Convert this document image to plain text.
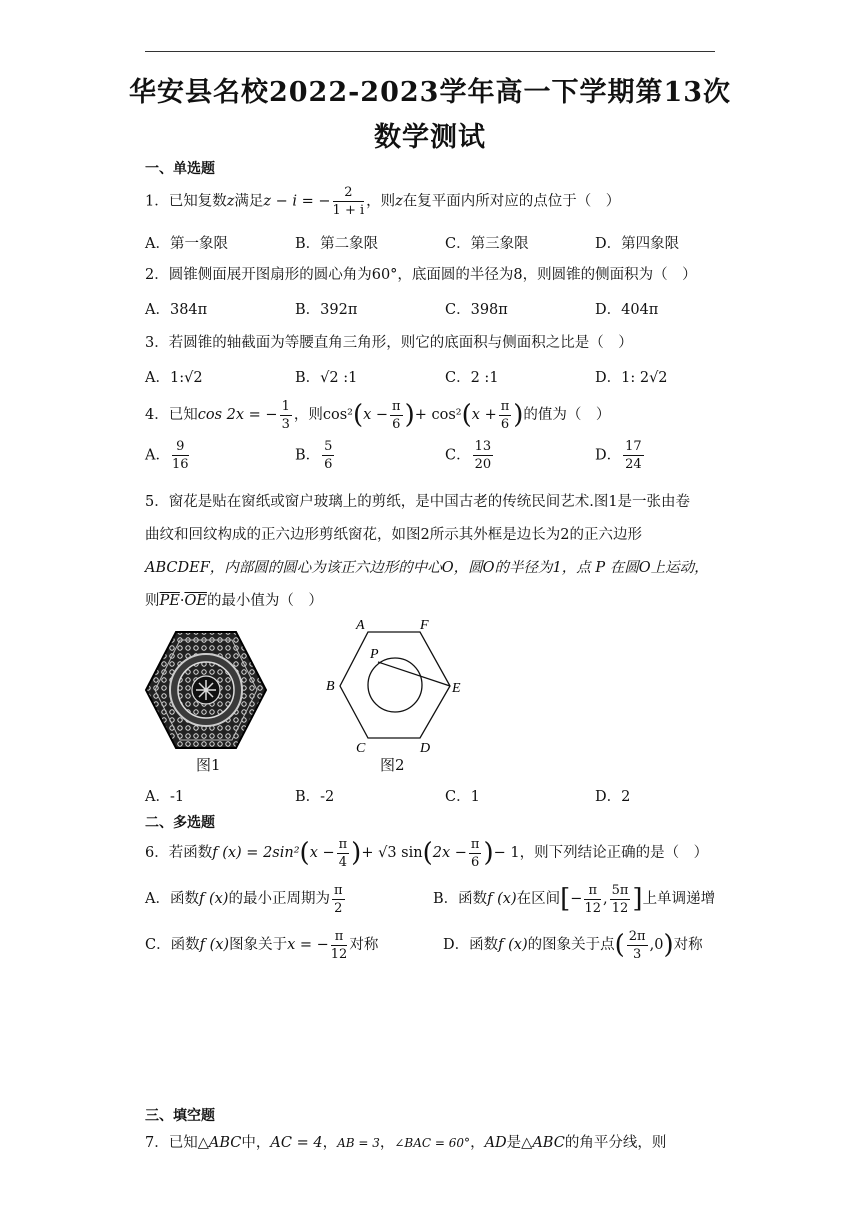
华安县名校2022-2023学年高一下学期第13次
数学测试
一、单选题
1．已知复数z满足z − i = − $\frac{2}{1 + i}$ ，则z在复平面内所对应的点位于（　）
A．第一象限	B．第二象限	C．第三象限	D．第四象限
2．圆锥侧面展开图扇形的圆心角为60°，底面圆的半径为8，则圆锥的侧面积为（　）
A．384π	B．392π	C．398π	D．404π
3．若圆锥的轴截面为等腰直角三角形，则它的底面积与侧面积之比是（　）
A．1:√2	B．√2 :1	C．2 :1	D．1: 2√2
4．已知cos 2x = − $\frac{1}{3}$ ，则$\cos^2(x - \frac{\pi}{6}$ )+ $\cos^2(x + \frac{\pi}{6}$ )的值为（　）
A． $\frac{9}{16}$	B． $\frac{5}{6}$	C． $\frac{13}{20}$	D． $\frac{17}{24}$
5．窗花是贴在窗纸或窗户玻璃上的剪纸，是中国古老的传统民间艺术.图1是一张由卷
曲纹和回纹构成的正六边形剪纸窗花，如图2所示其外框是边长为2的正六边形
ABCDEF，内部圆的圆心为该正六边形的中心O，圆O的半径为1，点 P 在圆O上运动，
则$\overline{PE}\cdot\overline{OE}$的最小值为（　）
图1
A	F
B	E
C	D
P
图2
A．-1	B．-2	C．1	D．2
二、多选题
6．若函数f $(x) = 2\sin^2(x - \frac{\pi}{4}$ )+ √3 $\sin(2x - \frac{\pi}{6}$ )− 1，则下列结论正确的是（　）
A．函数f (x)的最小正周期为 $\frac{\pi}{2}$	B．函数f (x)在区间[− $\frac{\pi}{12}$ , $\frac{5\pi}{12}$ ]上单调递增
C．函数f (x)图象关于x = − $\frac{\pi}{12}$ 对称	D．函数f (x)的图象关于点( $\frac{2\pi}{3} ,0$)对称
三、填空题
7．已知△ABC中，AC = 4，AB = 3，∠BAC = 60°，AD是△ABC的角平分线，则
